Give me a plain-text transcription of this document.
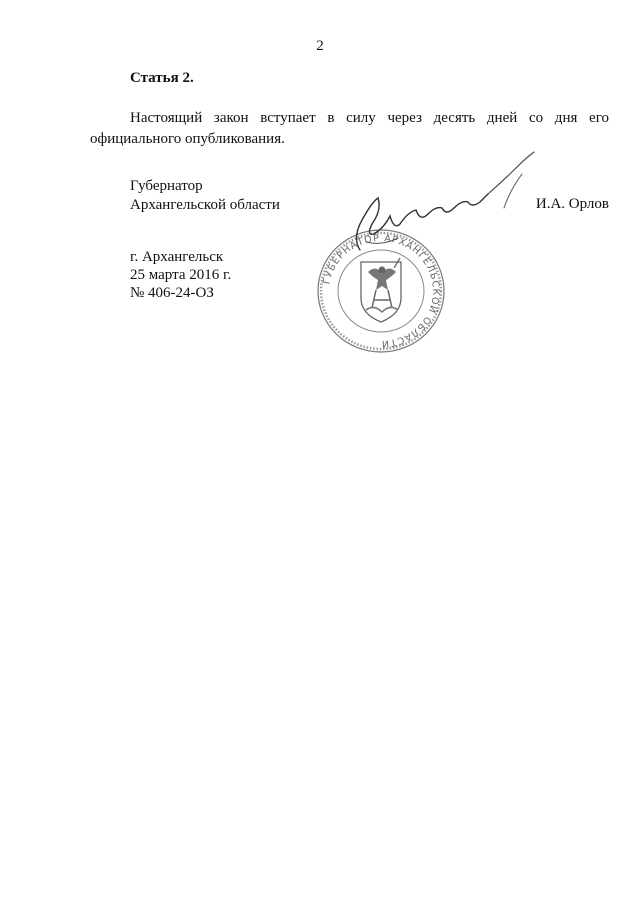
2
Статья 2.
Настоящий закон вступает в силу через десять дней со дня его
официального опубликования.
Губернатор
Архангельской области	И.А. Орлов
ГУБЕРНАТОР АРХАНГЕЛЬСКОЙ ОБЛАСТИ
г. Архангельск
25 марта 2016 г.
№ 406-24-ОЗ
